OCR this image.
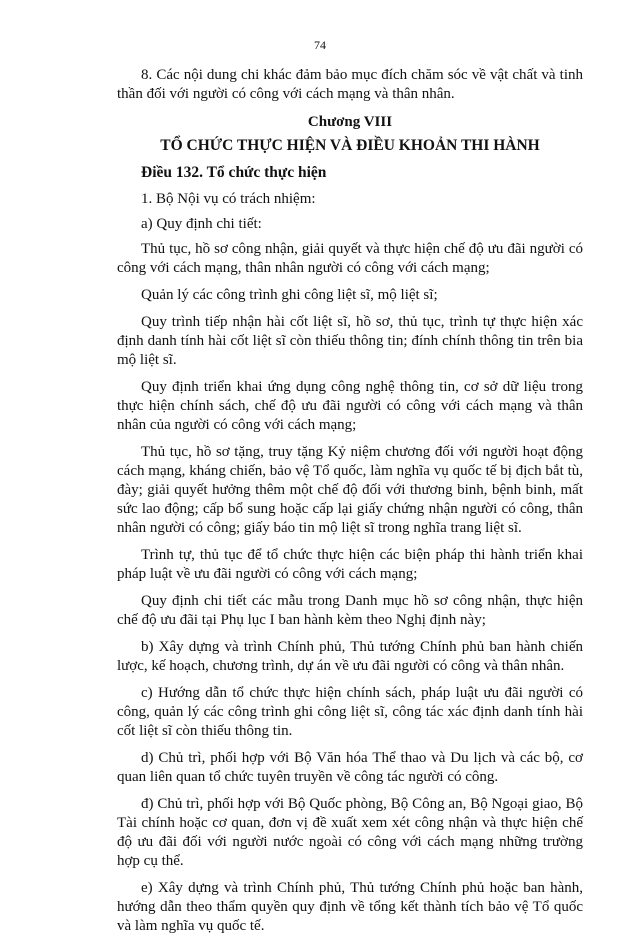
74

8. Các nội dung chi khác đảm bảo mục đích chăm sóc về vật chất và tinh thần đối với người có công với cách mạng và thân nhân.

Chương VIII
TỔ CHỨC THỰC HIỆN VÀ ĐIỀU KHOẢN THI HÀNH
Điều 132. Tổ chức thực hiện

1. Bộ Nội vụ có trách nhiệm:

a) Quy định chi tiết:

Thủ tục, hồ sơ công nhận, giải quyết và thực hiện chế độ ưu đãi người có công với cách mạng, thân nhân người có công với cách mạng;

Quản lý các công trình ghi công liệt sĩ, mộ liệt sĩ;

Quy trình tiếp nhận hài cốt liệt sĩ, hồ sơ, thủ tục, trình tự thực hiện xác định danh tính hài cốt liệt sĩ còn thiếu thông tin; đính chính thông tin trên bia mộ liệt sĩ.

Quy định triển khai ứng dụng công nghệ thông tin, cơ sở dữ liệu trong thực hiện chính sách, chế độ ưu đãi người có công với cách mạng và thân nhân của người có công với cách mạng;

Thủ tục, hồ sơ tặng, truy tặng Kỷ niệm chương đối với người hoạt động cách mạng, kháng chiến, bảo vệ Tổ quốc, làm nghĩa vụ quốc tế bị địch bắt tù, đày; giải quyết hưởng thêm một chế độ đối với thương binh, bệnh binh, mất sức lao động; cấp bổ sung hoặc cấp lại giấy chứng nhận người có công, thân nhân người có công; giấy báo tin mộ liệt sĩ trong nghĩa trang liệt sĩ.

Trình tự, thủ tục để tổ chức thực hiện các biện pháp thi hành triển khai pháp luật về ưu đãi người có công với cách mạng;

Quy định chi tiết các mẫu trong Danh mục hồ sơ công nhận, thực hiện chế độ ưu đãi tại Phụ lục I ban hành kèm theo Nghị định này;

b) Xây dựng và trình Chính phủ, Thủ tướng Chính phủ ban hành chiến lược, kế hoạch, chương trình, dự án về ưu đãi người có công và thân nhân.

c) Hướng dẫn tổ chức thực hiện chính sách, pháp luật ưu đãi người có công, quản lý các công trình ghi công liệt sĩ, công tác xác định danh tính hài cốt liệt sĩ còn thiếu thông tin.

d) Chủ trì, phối hợp với Bộ Văn hóa Thể thao và Du lịch và các bộ, cơ quan liên quan tổ chức tuyên truyền về công tác người có công.

đ) Chủ trì, phối hợp với Bộ Quốc phòng, Bộ Công an, Bộ Ngoại giao, Bộ Tài chính hoặc cơ quan, đơn vị đề xuất xem xét công nhận và thực hiện chế độ ưu đãi đối với người nước ngoài có công với cách mạng những trường hợp cụ thể.

e) Xây dựng và trình Chính phủ, Thủ tướng Chính phủ hoặc ban hành, hướng dẫn theo thẩm quyền quy định về tổng kết thành tích bảo vệ Tổ quốc và làm nghĩa vụ quốc tế.
